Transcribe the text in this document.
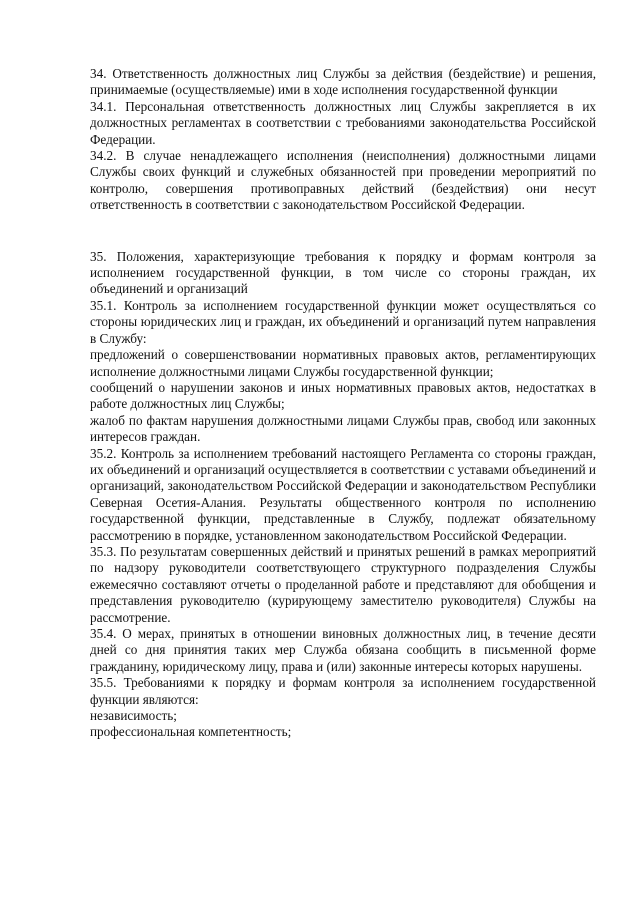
34. Ответственность должностных лиц Службы за действия (бездействие) и решения, принимаемые (осуществляемые) ими в ходе исполнения государственной функции

34.1. Персональная ответственность должностных лиц Службы закрепляется в их должностных регламентах в соответствии с требованиями законодательства Российской Федерации.

34.2. В случае ненадлежащего исполнения (неисполнения) должностными лицами Службы своих функций и служебных обязанностей при проведении мероприятий по контролю, совершения противоправных действий (бездействия) они несут ответственность в соответствии с законодательством Российской Федерации.

35. Положения, характеризующие требования к порядку и формам контроля за исполнением государственной функции, в том числе со стороны граждан, их объединений и организаций

35.1. Контроль за исполнением государственной функции может осуществляться со стороны юридических лиц и граждан, их объединений и организаций путем направления в Службу:

предложений о совершенствовании нормативных правовых актов, регламентирующих исполнение должностными лицами Службы государственной функции;

сообщений о нарушении законов и иных нормативных правовых актов, недостатках в работе должностных лиц Службы;

жалоб по фактам нарушения должностными лицами Службы прав, свобод или законных интересов граждан.

35.2. Контроль за исполнением требований настоящего Регламента со стороны граждан, их объединений и организаций осуществляется в соответствии с уставами объединений и организаций, законодательством Российской Федерации и законодательством Республики Северная Осетия-Алания. Результаты общественного контроля по исполнению государственной функции, представленные в Службу, подлежат обязательному рассмотрению в порядке, установленном законодательством Российской Федерации.

35.3. По результатам совершенных действий и принятых решений в рамках мероприятий по надзору руководители соответствующего структурного подразделения Службы ежемесячно составляют отчеты о проделанной работе и представляют для обобщения и представления руководителю (курирующему заместителю руководителя) Службы на рассмотрение.

35.4. О мерах, принятых в отношении виновных должностных лиц, в течение десяти дней со дня принятия таких мер Служба обязана сообщить в письменной форме гражданину, юридическому лицу, права и (или) законные интересы которых нарушены.

35.5. Требованиями к порядку и формам контроля за исполнением государственной функции являются:

независимость;

профессиональная компетентность;
